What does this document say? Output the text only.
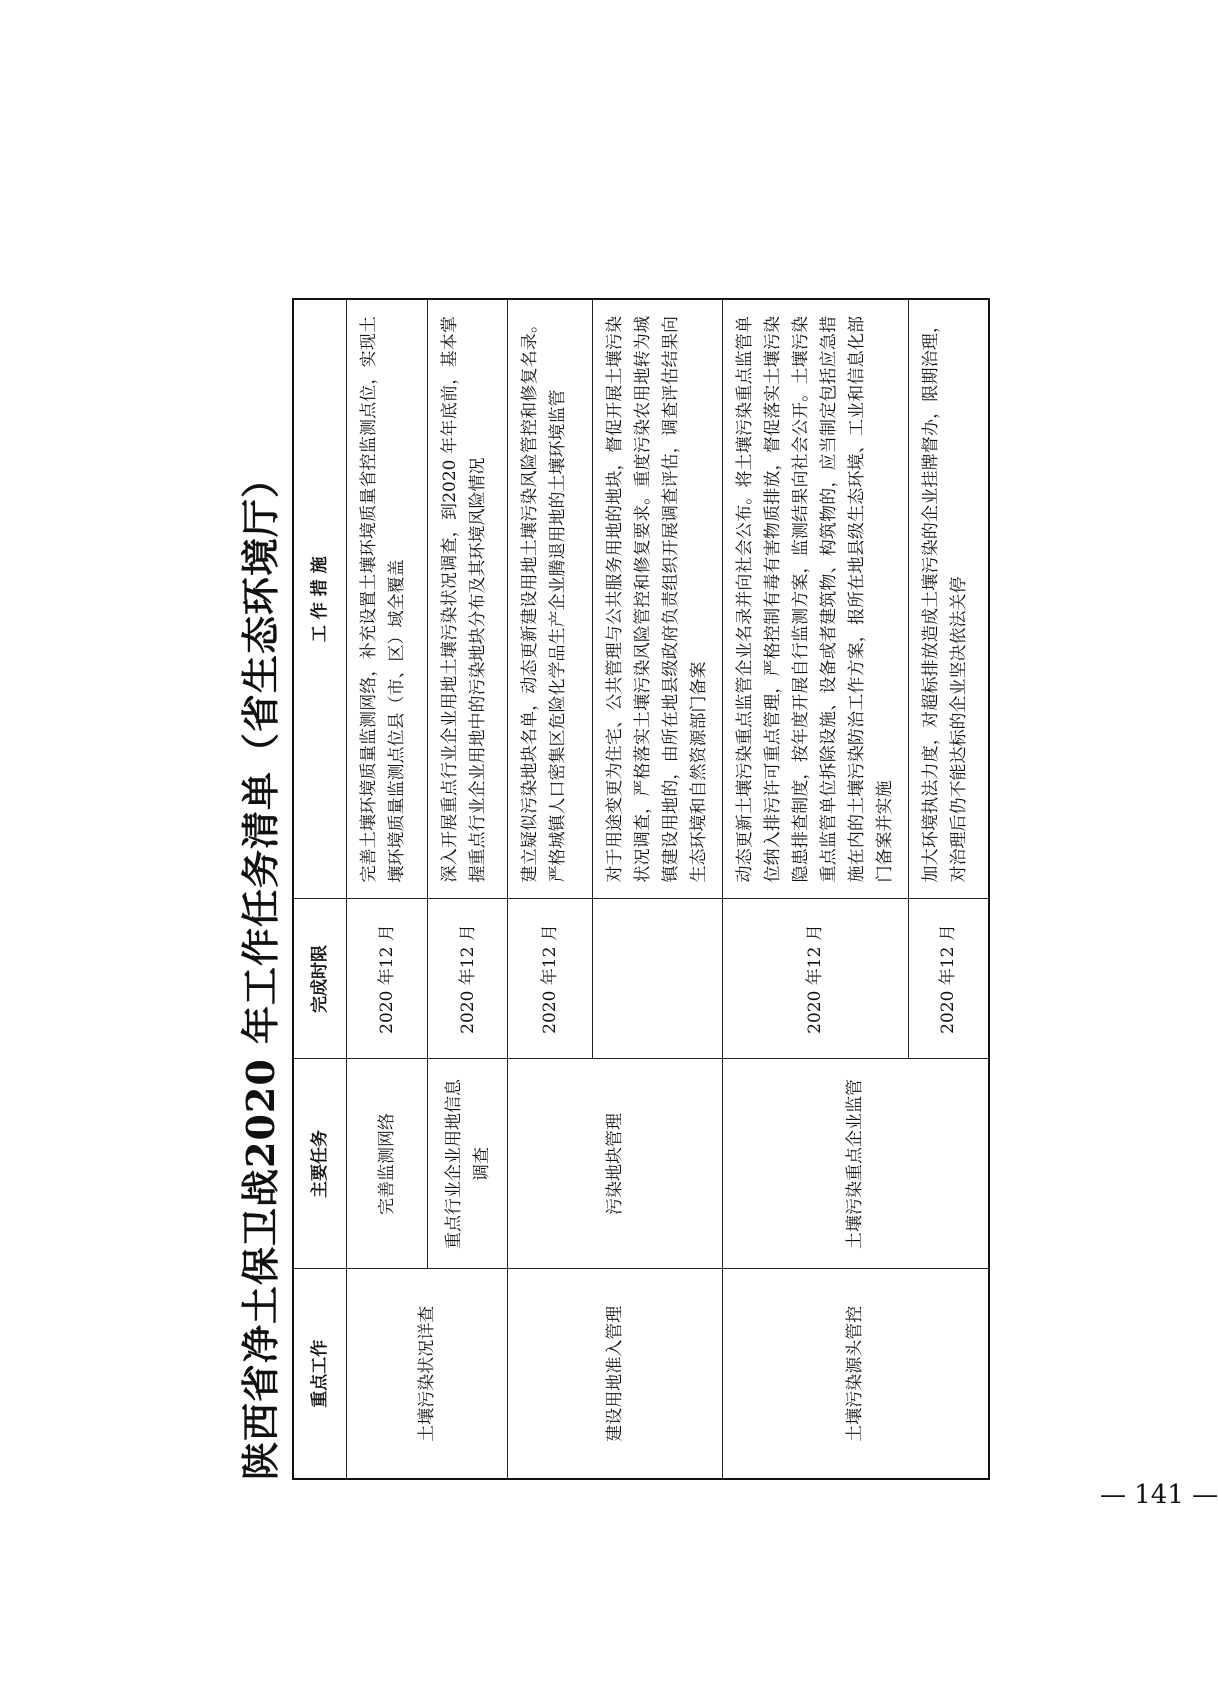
陕西省净土保卫战2020 年工作任务清单（省生态环境厅）	重点工作	主要任务	完成时限	工 作 措 施
土壤污染状况详查	完善监测网络	2020 年12 月	完善土壤环境质量监测网络，补充设置土壤环境质量省控监测点位，实现土壤环境质量监测点位县（市、区）域全覆盖
	重点行业企业用地信息调查	2020 年12 月	深入开展重点行业企业用地土壤污染状况调查，到2020 年年底前，基本掌握重点行业企业用地中的污染地块分布及其环境风险情况
建设用地准入管理	污染地块管理	2020 年12 月	建立疑似污染地块名单，动态更新建设用地土壤污染风险管控和修复名录。严格城镇人口密集区危险化学品生产企业腾退用地的土壤环境监管
			对于用途变更为住宅、公共管理与公共服务用地的地块，督促开展土壤污染状况调查，严格落实土壤污染风险管控和修复要求。重度污染农用地转为城镇建设用地的，由所在地县级政府负责组织开展调查评估，调查评估结果向生态环境和自然资源部门备案
土壤污染源头管控	土壤污染重点企业监管	2020 年12 月	动态更新土壤污染重点监管企业名录并向社会公布。将土壤污染重点监管单位纳入排污许可重点管理，严格控制有毒有害物质排放，督促落实土壤污染隐患排查制度，按年度开展自行监测方案，监测结果向社会公开。土壤污染重点监管单位拆除设施、设备或者建筑物、构筑物的，应当制定包括应急措施在内的土壤污染防治工作方案，报所在地县级生态环境、工业和信息化部门备案并实施
		2020 年12 月	加大环境执法力度，对超标排放造成土壤污染的企业挂牌督办，限期治理，对治理后仍不能达标的企业坚决依法关停
— 141 —
